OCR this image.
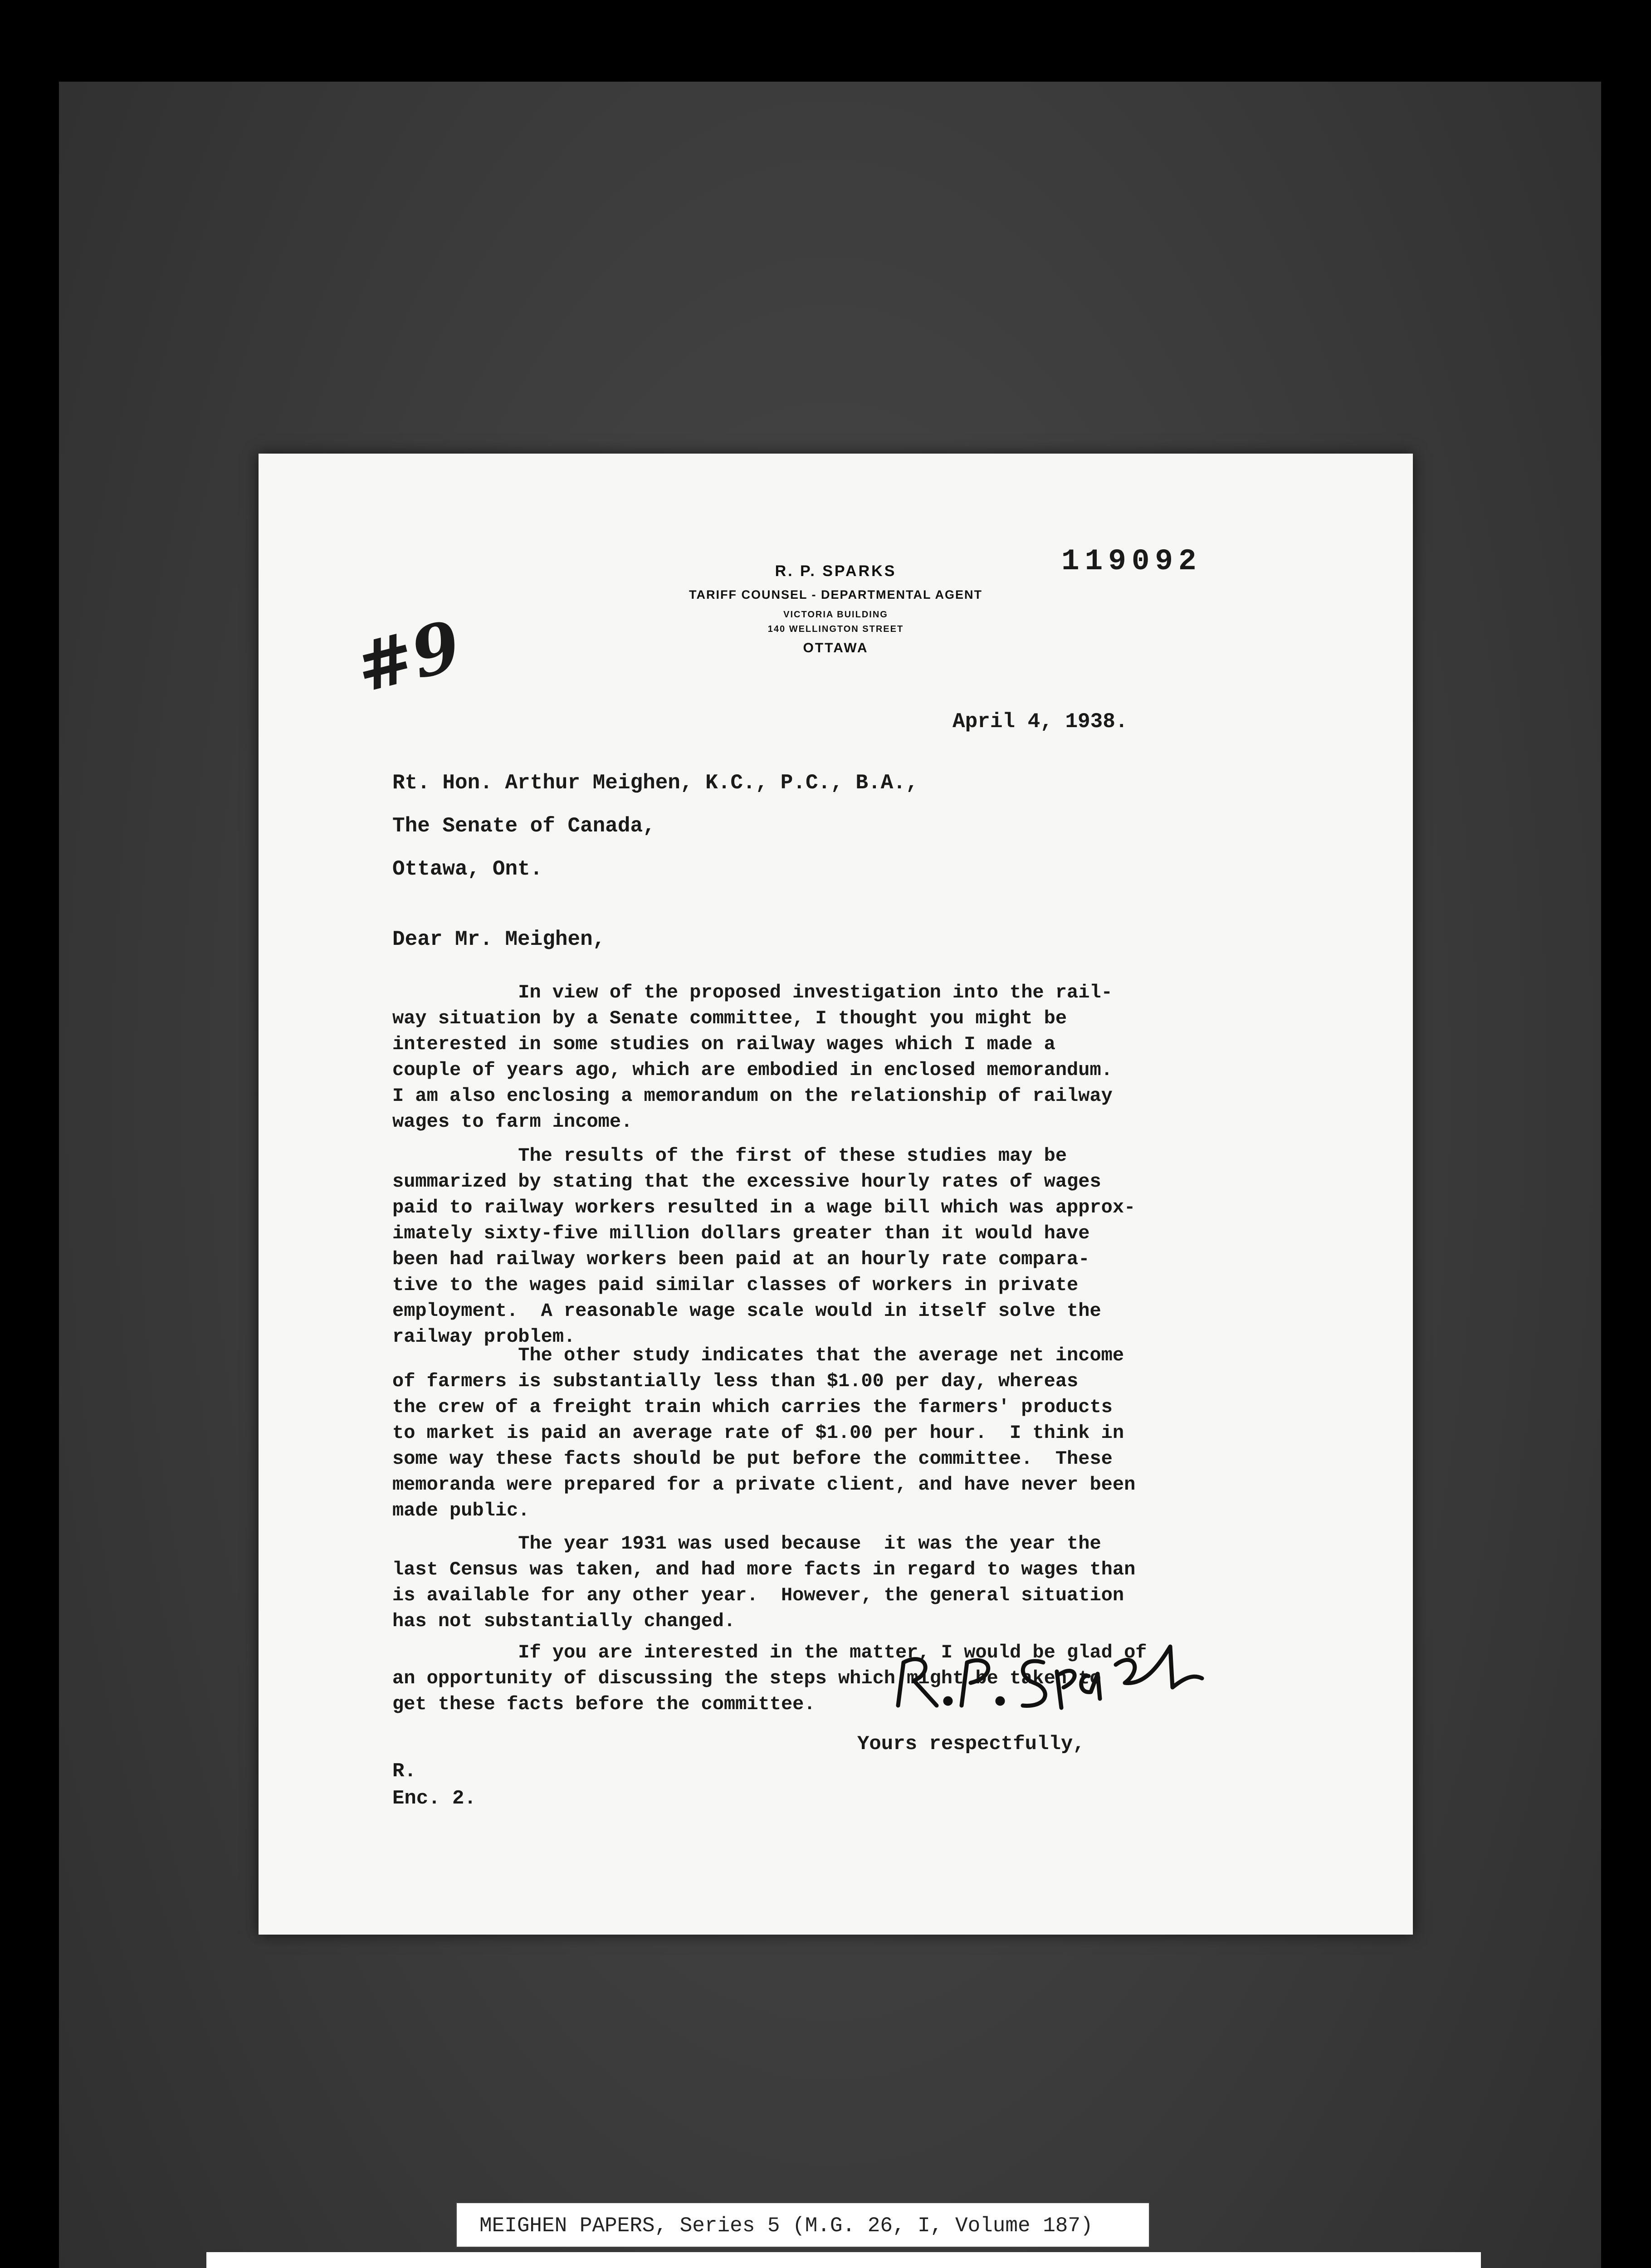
R. P. SPARKS

TARIFF COUNSEL - DEPARTMENTAL AGENT

VICTORIA BUILDING

140 WELLINGTON STREET

OTTAWA

119092

#9

April 4, 1938.

Rt. Hon. Arthur Meighen, K.C., P.C., B.A.,

The Senate of Canada,

Ottawa, Ont.

Dear Mr. Meighen,

In view of the proposed investigation into the rail-
way situation by a Senate committee, I thought you might be
interested in some studies on railway wages which I made a
couple of years ago, which are embodied in enclosed memorandum.
I am also enclosing a memorandum on the relationship of railway
wages to farm income.

The results of the first of these studies may be
summarized by stating that the excessive hourly rates of wages
paid to railway workers resulted in a wage bill which was approx-
imately sixty-five million dollars greater than it would have
been had railway workers been paid at an hourly rate compara-
tive to the wages paid similar classes of workers in private
employment.  A reasonable wage scale would in itself solve the
railway problem.

The other study indicates that the average net income
of farmers is substantially less than $1.00 per day, whereas
the crew of a freight train which carries the farmers' products
to market is paid an average rate of $1.00 per hour.  I think in
some way these facts should be put before the committee.  These
memoranda were prepared for a private client, and have never been
made public.

The year 1931 was used because  it was the year the
last Census was taken, and had more facts in regard to wages than
is available for any other year.  However, the general situation
has not substantially changed.

If you are interested in the matter, I would be glad of
an opportunity of discussing the steps which might be taken to
get these facts before the committee.

Yours respectfully,

R.

Enc. 2.

MEIGHEN PAPERS, Series 5 (M.G. 26, I, Volume 187)
